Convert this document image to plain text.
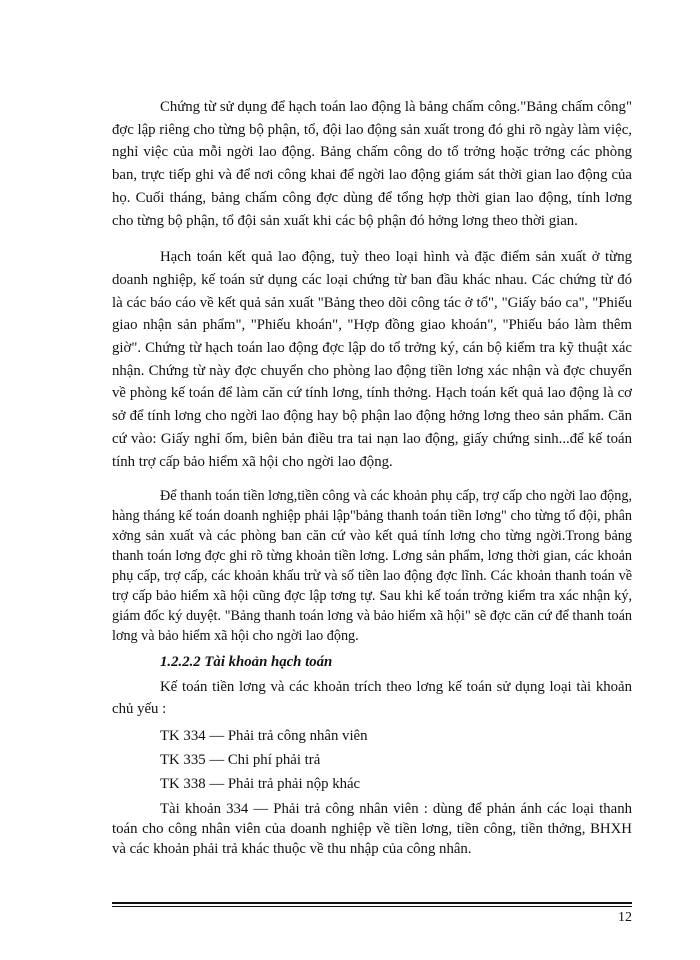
Chứng từ sử dụng để hạch toán lao động là bảng chấm công."Bảng chấm công" đợc lập riêng cho từng bộ phận, tổ, đội lao động sản xuất trong đó ghi rõ ngày làm việc, nghỉ việc của mỗi ngời lao động. Bảng chấm công do tổ trởng hoặc trởng các phòng ban, trực tiếp ghi và để nơi công khai để ngời lao động giám sát thời gian lao động của họ. Cuối tháng, bảng chấm công đợc dùng để tổng hợp thời gian lao động, tính lơng cho từng bộ phận, tổ đội sản xuất khi các bộ phận đó hởng lơng theo thời gian.

Hạch toán kết quả lao động, tuỳ theo loại hình và đặc điểm sản xuất ở từng doanh nghiệp, kế toán sử dụng các loại chứng từ ban đầu khác nhau. Các chứng từ đó là các báo cáo về kết quả sản xuất "Bảng theo dõi công tác ở tổ", "Giấy báo ca", "Phiếu giao nhận sản phẩm", "Phiếu khoán", "Hợp đồng giao khoán", "Phiếu báo làm thêm giờ". Chứng từ hạch toán lao động đợc lập do tổ trởng ký, cán bộ kiểm tra kỹ thuật xác nhận. Chứng từ này đợc chuyển cho phòng lao động tiền lơng xác nhận và đợc chuyển về phòng kế toán để làm căn cứ tính lơng, tính thởng. Hạch toán kết quả lao động là cơ sở để tính lơng cho ngời lao động hay bộ phận lao động hởng lơng theo sản phẩm. Căn cứ vào: Giấy nghỉ ốm, biên bản điều tra tai nạn lao động, giấy chứng sinh...để kế toán tính trợ cấp bảo hiểm xã hội cho ngời lao động.

Để thanh toán tiền lơng,tiền công và các khoản phụ cấp, trợ cấp cho ngời lao động, hàng tháng kế toán doanh nghiệp phải lập"bảng thanh toán tiền lơng" cho từng tổ đội, phân xởng sản xuất và các phòng ban căn cứ vào kết quả tính lơng cho từng ngời.Trong bảng thanh toán lơng đợc ghi rõ từng khoản tiền lơng. Lơng sản phẩm, lơng thời gian, các khoản phụ cấp, trợ cấp, các khoản khấu trừ và số tiền lao động đợc lĩnh. Các khoản thanh toán về trợ cấp bảo hiểm xã hội cũng đợc lập tơng tự. Sau khi kế toán trởng kiểm tra xác nhận ký, giám đốc ký duyệt. "Bảng thanh toán lơng và bảo hiểm xã hội" sẽ đợc căn cứ để thanh toán lơng và bảo hiểm xã hội cho ngời lao động.

1.2.2.2 Tài khoản hạch toán

Kế toán tiền lơng và các khoản trích theo lơng kế toán sử dụng loại tài khoản chủ yếu :

TK 334 — Phải trả công nhân viên
TK 335 — Chi phí phải trả
TK 338 — Phải trả phải nộp khác

Tài khoản 334 — Phải trả công nhân viên : dùng để phản ánh các loại thanh toán cho công nhân viên của doanh nghiệp về tiền lơng, tiền công, tiền thởng, BHXH và các khoản phải trả khác thuộc về thu nhập của công nhân.

12
